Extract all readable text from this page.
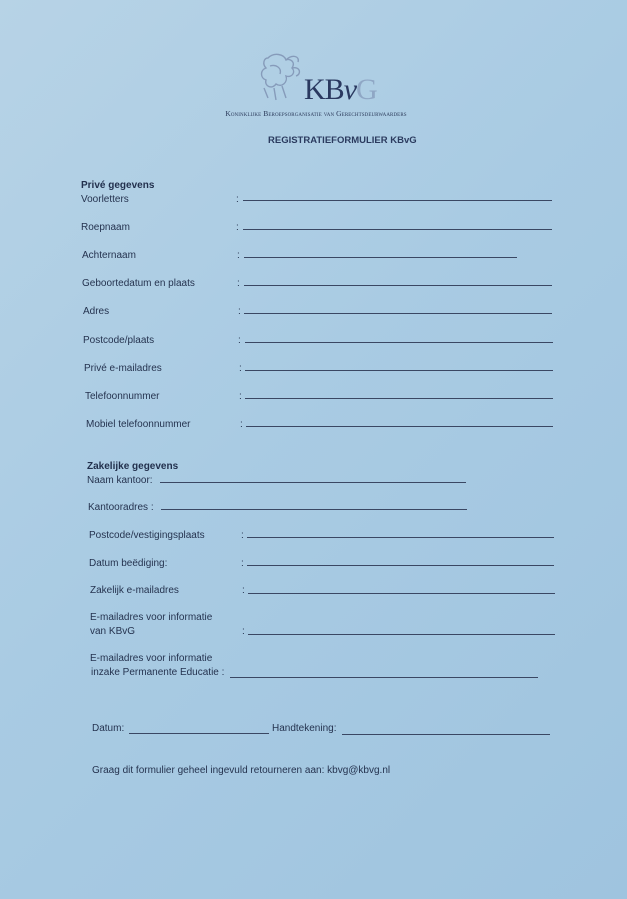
KBvG
Koninklijke Beroepsorganisatie van Gerechtsdeurwaarders
REGISTRATIEFORMULIER KBvG
Privé gegevens
Voorletters	:
Roepnaam	:
Achternaam	:
Geboortedatum en plaats	:
Adres	:
Postcode/plaats	:
Privé e-mailadres	:
Telefoonnummer	:
Mobiel telefoonnummer	:
Zakelijke gegevens
Naam kantoor:
Kantooradres :
Postcode/vestigingsplaats	:
Datum beëdiging:	:
Zakelijk e-mailadres	:
E-mailadres voor informatie
van KBvG	:
E-mailadres voor informatie
inzake Permanente Educatie :
Datum:	Handtekening:
Graag dit formulier geheel ingevuld retourneren aan: kbvg@kbvg.nl
